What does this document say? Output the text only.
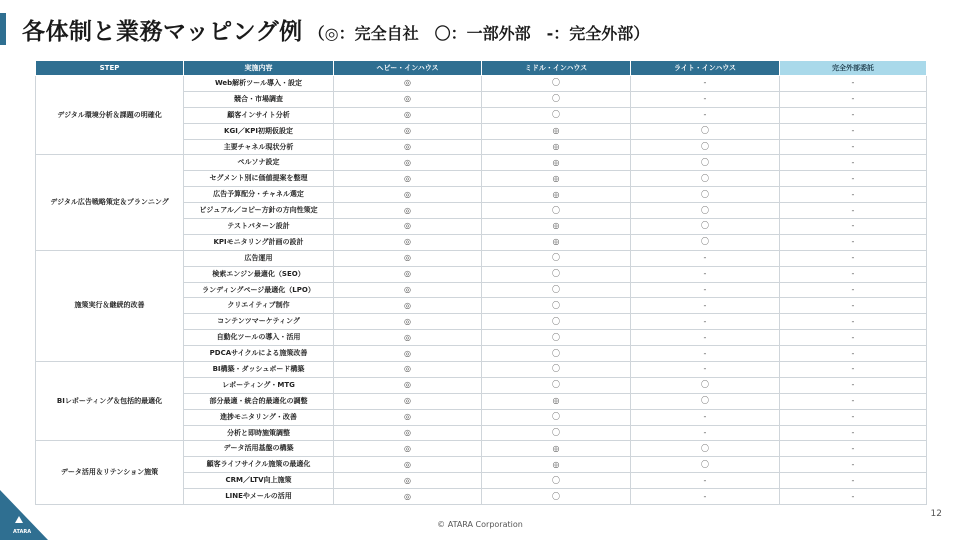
各体制と業務マッピング例 （◎：完全自社　〇：一部外部　-：完全外部）
STEP	実施内容	ヘビー・インハウス	ミドル・インハウス	ライト・インハウス	完全外部委託
デジタル環境分析＆課題の明確化	Web解析ツール導入・設定	◎	〇	-	-
	競合・市場調査	◎	〇	-	-
	顧客インサイト分析	◎	〇	-	-
	KGI／KPI初期仮設定	◎	◎	〇	-
	主要チャネル現状分析	◎	◎	〇	-
デジタル広告戦略策定＆プランニング	ペルソナ設定	◎	◎	〇	-
	セグメント別に価値提案を整理	◎	◎	〇	-
	広告予算配分・チャネル選定	◎	◎	〇	-
	ビジュアル／コピー方針の方向性策定	◎	〇	〇	-
	テストパターン設計	◎	◎	〇	-
	KPIモニタリング計画の設計	◎	◎	〇	-
施策実行＆継続的改善	広告運用	◎	〇	-	-
	検索エンジン最適化（SEO）	◎	〇	-	-
	ランディングページ最適化（LPO）	◎	〇	-	-
	クリエイティブ制作	◎	〇	-	-
	コンテンツマーケティング	◎	〇	-	-
	自動化ツールの導入・活用	◎	〇	-	-
	PDCAサイクルによる施策改善	◎	〇	-	-
BIレポーティング＆包括的最適化	BI構築・ダッシュボード構築	◎	〇	-	-
	レポーティング・MTG	◎	〇	〇	-
	部分最適・統合的最適化の調整	◎	◎	〇	-
	進捗モニタリング・改善	◎	〇	-	-
	分析と即時施策調整	◎	〇	-	-
データ活用＆リテンション施策	データ活用基盤の構築	◎	◎	〇	-
	顧客ライフサイクル施策の最適化	◎	◎	〇	-
	CRM／LTV向上施策	◎	〇	-	-
	LINEやメールの活用	◎	〇	-	-
ATARA
© ATARA Corporation
12
